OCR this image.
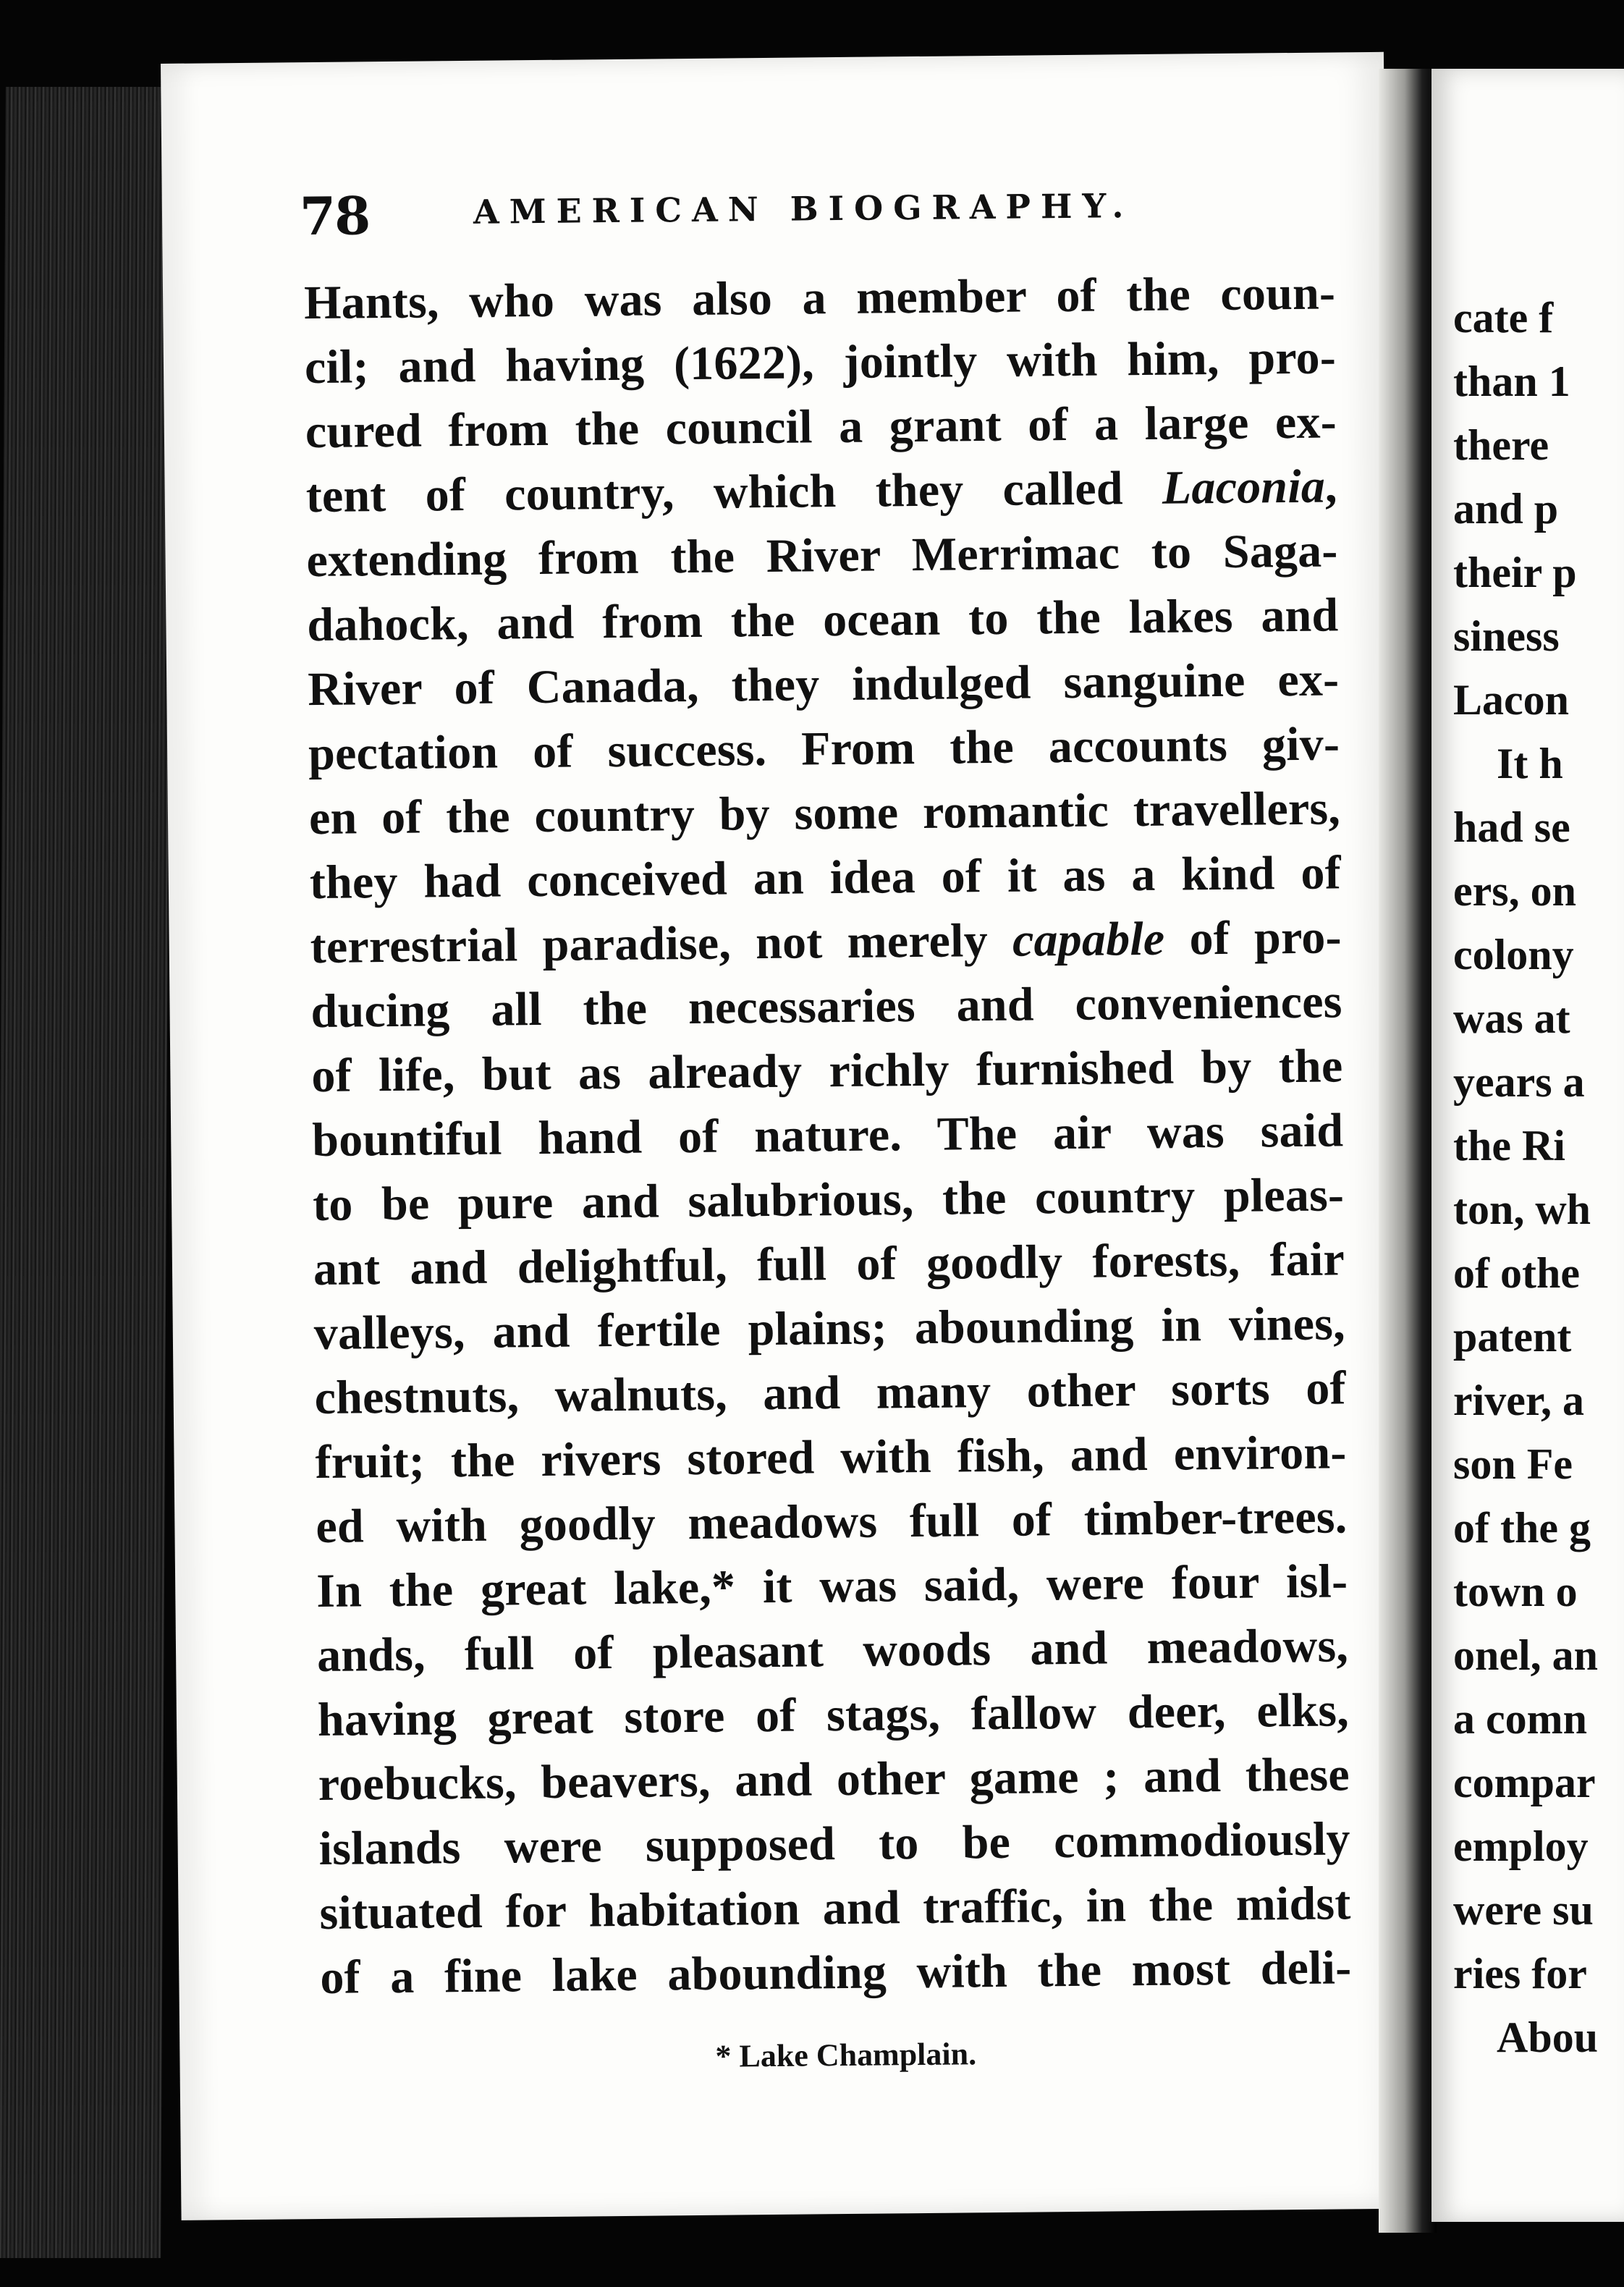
78	AMERICAN BIOGRAPHY.
Hants, who was also a member of the coun-
cil; and having (1622), jointly with him, pro-
cured from the council a grant of a large ex-
tent of country, which they called Laconia,
extending from the River Merrimac to Saga-
dahock, and from the ocean to the lakes and
River of Canada, they indulged sanguine ex-
pectation of success. From the accounts giv-
en of the country by some romantic travellers,
they had conceived an idea of it as a kind of
terrestrial paradise, not merely capable of pro-
ducing all the necessaries and conveniences
of life, but as already richly furnished by the
bountiful hand of nature. The air was said
to be pure and salubrious, the country pleas-
ant and delightful, full of goodly forests, fair
valleys, and fertile plains; abounding in vines,
chestnuts, walnuts, and many other sorts of
fruit; the rivers stored with fish, and environ-
ed with goodly meadows full of timber-trees.
In the great lake,* it was said, were four isl-
ands, full of pleasant woods and meadows,
having great store of stags, fallow deer, elks,
roebucks, beavers, and other game ; and these
islands were supposed to be commodiously
situated for habitation and traffic, in the midst
of a fine lake abounding with the most deli-
* Lake Champlain.
cate f
than 1
there
and p
their p
siness
Lacon
It h
had se
ers, on
colony
was at
years a
the Ri
ton, wh
of othe
patent
river, a
son Fe
of the g
town o
onel, an
a comn
compar
employ
were su
ries for
Abou
